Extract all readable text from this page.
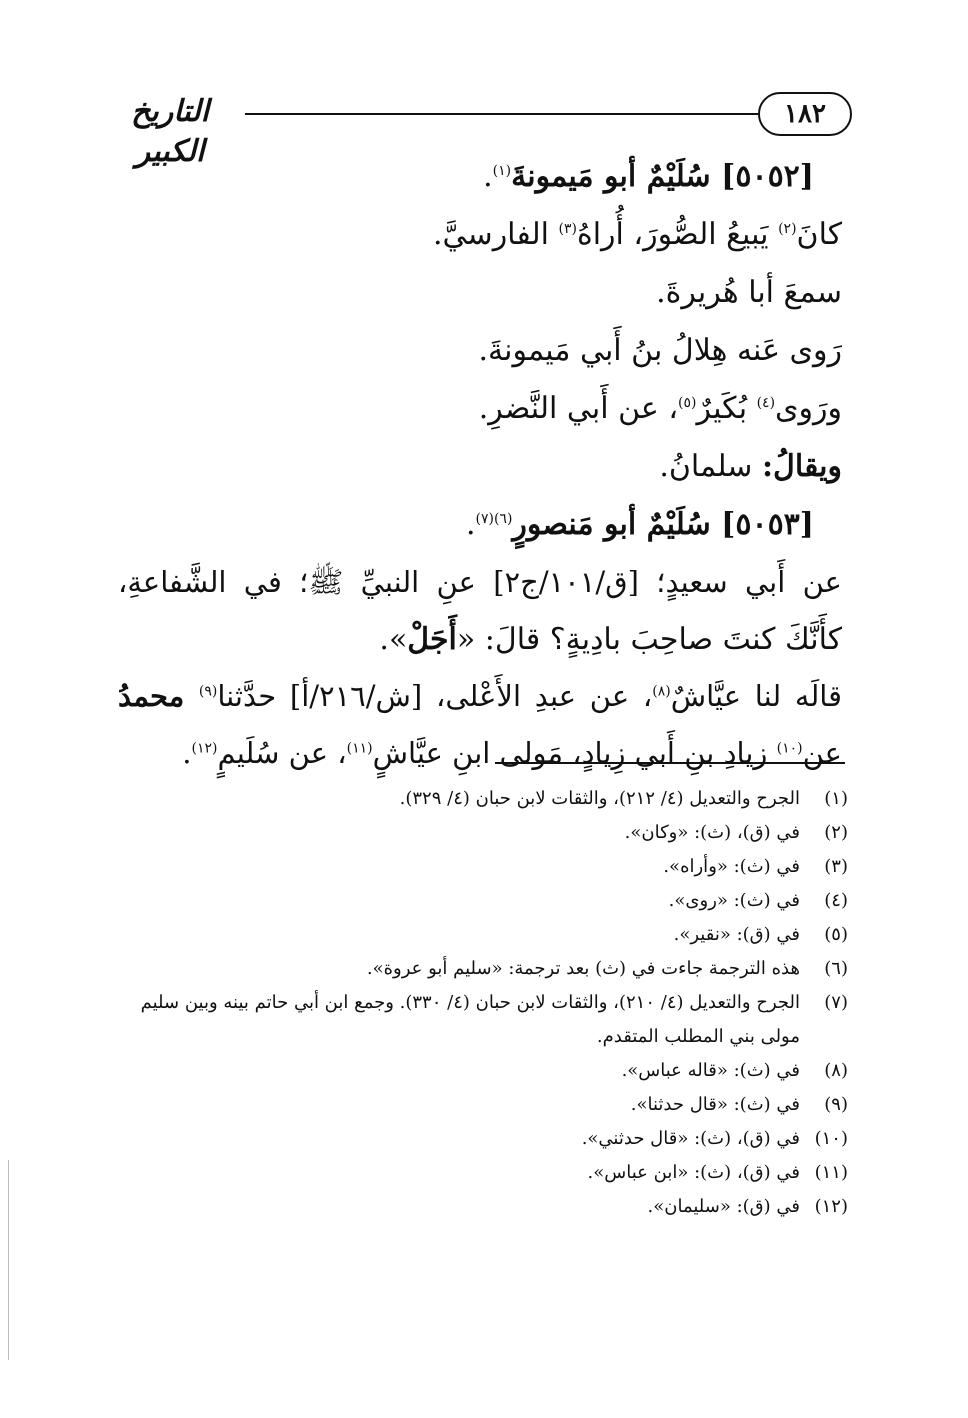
التاريخ الكبير
١٨٢
[٥٠٥٢] سُلَيْمٌ أبو مَيمونةَ$^{(١)}$.
كانَ$^{(٢)}$ يَبيعُ الصُّورَ، أُراهُ$^{(٣)}$ الفارسيَّ.
سمعَ أبا هُريرةَ.
رَوى عَنه هِلالُ بنُ أَبي مَيمونةَ.
ورَوى$^{(٤)}$ بُكَيرٌ$^{(٥)}$، عن أَبي النَّضرِ.
ويقالُ: سلمانُ.
[٥٠٥٣] سُلَيْمٌ أبو مَنصورٍ$^{(٦)(٧)}$.
عن أَبي سعيدٍ؛ [ق/١٠١/ج٢] عنِ النبيِّ ﷺ؛ في الشَّفاعةِ،
كأَنَّكَ كنتَ صاحِبَ بادِيةٍ؟ قالَ: «أَجَلْ».
قالَه لنا عيَّاشٌ$^{(٨)}$، عن عبدِ الأَعْلى، [ش/٢١٦/أ] حدَّثنا$^{(٩)}$ محمدُ
عن$^{(١٠)}$ زيادِ بنِ أَبي زِيادٍ، مَولى ابنِ عيَّاشٍ$^{(١١)}$، عن سُلَيمٍ$^{(١٢)}$.
(١)
الجرح والتعديل (٤/ ٢١٢)، والثقات لابن حبان (٤/ ٣٢٩).
(٢)
في (ق)، (ث): «وكان».
(٣)
في (ث): «وأراه».
(٤)
في (ث): «روى».
(٥)
في (ق): «نقير».
(٦)
هذه الترجمة جاءت في (ث) بعد ترجمة: «سليم أبو عروة».
(٧)
الجرح والتعديل (٤/ ٢١٠)، والثقات لابن حبان (٤/ ٣٣٠). وجمع ابن أبي حاتم بينه وبين سليم مولى بني المطلب المتقدم.
(٨)
في (ث): «قاله عباس».
(٩)
في (ث): «قال حدثنا».
(١٠)
في (ق)، (ث): «قال حدثني».
(١١)
في (ق)، (ث): «ابن عباس».
(١٢)
في (ق): «سليمان».
